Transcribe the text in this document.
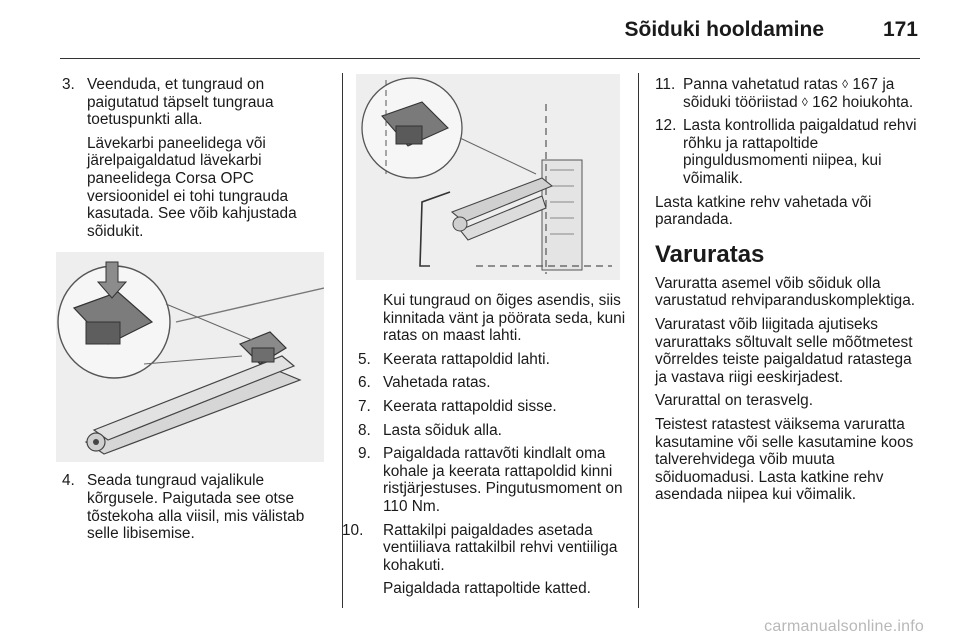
Sõiduki hooldamine	171
3. Veenduda, et tungraud on paigutatud täpselt tungraua toetuspunkti alla.

Lävekarbi paneelidega või järelpaigaldatud lävekarbi paneelidega Corsa OPC versioonidel ei tohi tungrauda kasutada. See võib kahjustada sõidukit.

4. Seada tungraud vajalikule kõrgusele. Paigutada see otse tõstekoha alla viisil, mis välistab selle libisemise.

Kui tungraud on õiges asendis, siis kinnitada vänt ja pöörata seda, kuni ratas on maast lahti.

5. Keerata rattapoldid lahti.

6. Vahetada ratas.

7. Keerata rattapoldid sisse.

8. Lasta sõiduk alla.

9. Paigaldada rattavõti kindlalt oma kohale ja keerata rattapoldid kinni ristjärjestuses. Pingutusmoment on 110 Nm.

10. Rattakilpi paigaldades asetada ventiiliava rattakilbil rehvi ventiiliga kohakuti.

Paigaldada rattapoltide katted.

11. Panna vahetatud ratas ◊ 167 ja sõiduki tööriistad ◊ 162 hoiukohta.

12. Lasta kontrollida paigaldatud rehvi rõhku ja rattapoltide pinguldusmomenti niipea, kui võimalik.

Lasta katkine rehv vahetada või parandada.

Varuratas

Varuratta asemel võib sõiduk olla varustatud rehviparanduskomplektiga.

Varuratast võib liigitada ajutiseks varurattaks sõltuvalt selle mõõtmetest võrreldes teiste paigaldatud ratastega ja vastava riigi eeskirjadest.

Varurattal on terasvelg.

Teistest ratastest väiksema varuratta kasutamine või selle kasutamine koos talverehvidega võib muuta sõiduomadusi. Lasta katkine rehv asendada niipea kui võimalik.

carmanualsonline.info
